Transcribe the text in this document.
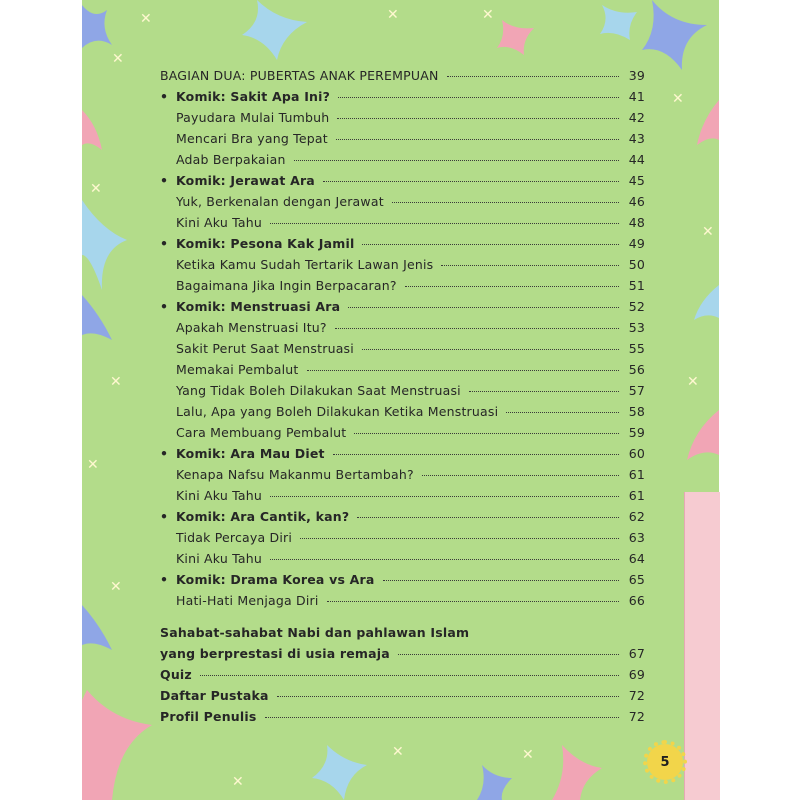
✕	✕	✕
✕
✕
✕
✕
✕	✕
✕
✕
✕
✕	✕
BAGIAN DUA: PUBERTAS ANAK PEREMPUAN	39
• Komik: Sakit Apa Ini?	41
Payudara Mulai Tumbuh	42
Mencari Bra yang Tepat	43
Adab Berpakaian	44
• Komik: Jerawat Ara	45
Yuk, Berkenalan dengan Jerawat	46
Kini Aku Tahu	48
• Komik: Pesona Kak Jamil	49
Ketika Kamu Sudah Tertarik Lawan Jenis	50
Bagaimana Jika Ingin Berpacaran?	51
• Komik: Menstruasi Ara	52
Apakah Menstruasi Itu?	53
Sakit Perut Saat Menstruasi	55
Memakai Pembalut	56
Yang Tidak Boleh Dilakukan Saat Menstruasi	57
Lalu, Apa yang Boleh Dilakukan Ketika Menstruasi	58
Cara Membuang Pembalut	59
• Komik: Ara Mau Diet	60
Kenapa Nafsu Makanmu Bertambah?	61
Kini Aku Tahu	61
• Komik: Ara Cantik, kan?	62
Tidak Percaya Diri	63
Kini Aku Tahu	64
• Komik: Drama Korea vs Ara	65
Hati-Hati Menjaga Diri	66
Sahabat-sahabat Nabi dan pahlawan Islam
yang berprestasi di usia remaja	67
Quiz	69
Daftar Pustaka	72
Profil Penulis	72
5
